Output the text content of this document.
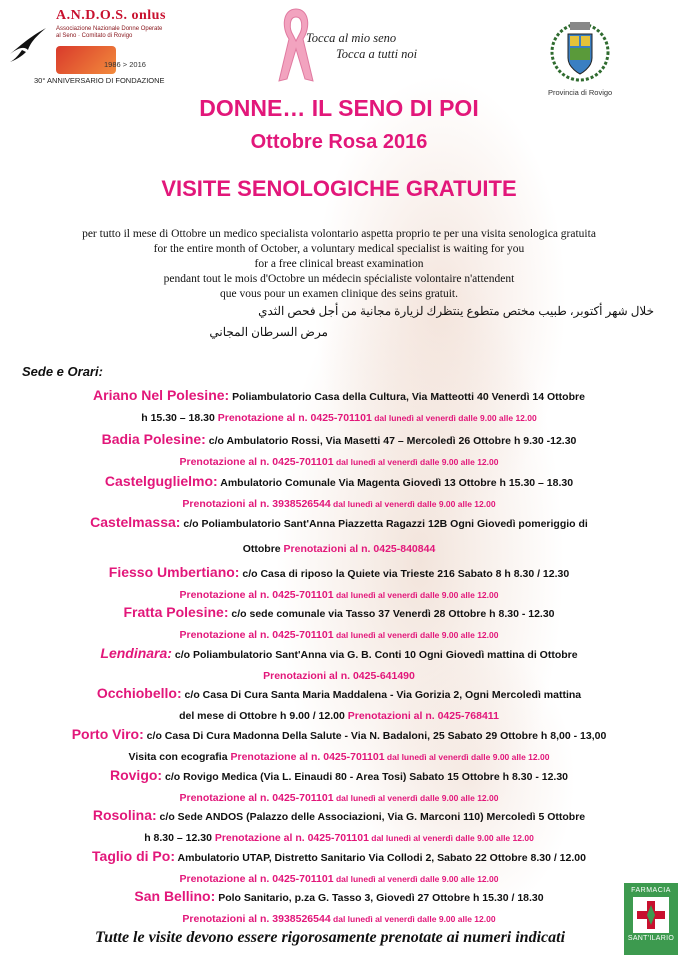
A.N.D.O.S. onlus
Associazione Nazionale Donne Operate al Seno · Comitato di Rovigo
1986 > 2016
30° ANNIVERSARIO DI FONDAZIONE
Tocca al mio seno
Tocca a tutti noi
Provincia di Rovigo
DONNE… IL SENO DI POI
Ottobre Rosa 2016
VISITE SENOLOGICHE GRATUITE
per tutto il mese di Ottobre un medico specialista volontario aspetta proprio te per una visita senologica gratuita
for the entire month of October, a voluntary medical specialist is waiting for you
for a free clinical breast examination
pendant tout le mois d'Octobre un médecin spécialiste volontaire n'attendent
que vous pour un examen clinique des seins gratuit.
خلال شهر أكتوبر، طبيب مختص متطوع ينتظرك لزيارة مجانية من أجل فحص الثدي
مرض السرطان المجاني
Sede e Orari:
Ariano Nel Polesine: Poliambulatorio Casa della Cultura, Via Matteotti 40 Venerdì 14 Ottobre
h 15.30 – 18.30 Prenotazione al n. 0425-701101 dal lunedì al venerdì dalle 9.00 alle 12.00
Badia Polesine: c/o Ambulatorio Rossi, Via Masetti 47 – Mercoledì 26 Ottobre h 9.30 -12.30
Prenotazione al n. 0425-701101 dal lunedì al venerdì dalle 9.00 alle 12.00
Castelguglielmo: Ambulatorio Comunale Via Magenta Giovedì 13 Ottobre h 15.30 – 18.30
Prenotazioni al n. 3938526544 dal lunedì al venerdì dalle 9.00 alle 12.00
Castelmassa: c/o Poliambulatorio Sant'Anna Piazzetta Ragazzi 12B Ogni Giovedì pomeriggio di
Ottobre Prenotazioni al n. 0425-840844
Fiesso Umbertiano: c/o Casa di riposo la Quiete via Trieste 216 Sabato 8 h 8.30 / 12.30
Prenotazione al n. 0425-701101 dal lunedì al venerdì dalle 9.00 alle 12.00
Fratta Polesine: c/o sede comunale via Tasso 37 Venerdì 28 Ottobre h 8.30 - 12.30
Prenotazione al n. 0425-701101 dal lunedì al venerdì dalle 9.00 alle 12.00
Lendinara: c/o Poliambulatorio Sant'Anna via G. B. Conti 10 Ogni Giovedì mattina di Ottobre
Prenotazioni al n. 0425-641490
Occhiobello: c/o Casa Di Cura Santa Maria Maddalena - Via Gorizia 2, Ogni Mercoledì mattina
del mese di Ottobre h 9.00 / 12.00 Prenotazioni al n. 0425-768411
Porto Viro: c/o Casa Di Cura Madonna Della Salute - Via N. Badaloni, 25 Sabato 29 Ottobre h 8,00 - 13,00
Visita con ecografia Prenotazione al n. 0425-701101 dal lunedì al venerdì dalle 9.00 alle 12.00
Rovigo: c/o Rovigo Medica (Via L. Einaudi 80 - Area Tosi) Sabato 15 Ottobre h 8.30 - 12.30
Prenotazione al n. 0425-701101 dal lunedì al venerdì dalle 9.00 alle 12.00
Rosolina: c/o Sede ANDOS (Palazzo delle Associazioni, Via G. Marconi 110) Mercoledì 5 Ottobre
h 8.30 – 12.30 Prenotazione al n. 0425-701101 dal lunedì al venerdì dalle 9.00 alle 12.00
Taglio di Po: Ambulatorio UTAP, Distretto Sanitario Via Collodi 2, Sabato 22 Ottobre 8.30 / 12.00
Prenotazione al n. 0425-701101 dal lunedì al venerdì dalle 9.00 alle 12.00
San Bellino: Polo Sanitario, p.za G. Tasso 3, Giovedì 27 Ottobre h 15.30 / 18.30
Prenotazioni al n. 3938526544 dal lunedì al venerdì dalle 9.00 alle 12.00
Tutte le visite devono essere rigorosamente prenotate ai numeri indicati
FARMACIA
SANT'ILARIO
